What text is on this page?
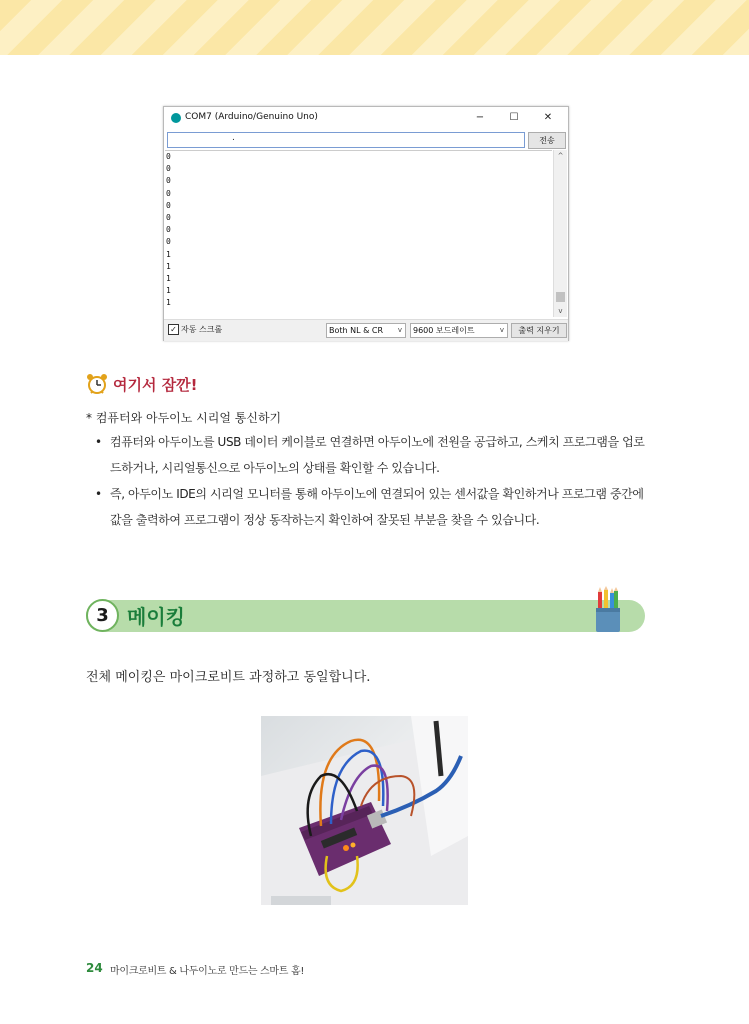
COM7 (Arduino/Genuino Uno)	−	☐	✕
.	전송
0
0
0
0
0
0
0
0
1
1
1
1
1
^
v
✓ 자동 스크롤	Both NL & CR v	9600 보드레이트	v	출력 지우기
여기서 잠깐!
* 컴퓨터와 아두이노 시리얼 통신하기
• 컴퓨터와 아두이노를 USB 데이터 케이블로 연결하면 아두이노에 전원을 공급하고, 스케치 프로그램을 업로드하거나, 시리얼통신으로 아두이노의 상태를 확인할 수 있습니다.
• 즉, 아두이노 IDE의 시리얼 모니터를 통해 아두이노에 연결되어 있는 센서값을 확인하거나 프로그램 중간에 값을 출력하여 프로그램이 정상 동작하는지 확인하여 잘못된 부분을 찾을 수 있습니다.
3 메이킹
전체 메이킹은 마이크로비트 과정하고 동일합니다.
24 마이크로비트 & 나두이노로 만드는 스마트 홈!
